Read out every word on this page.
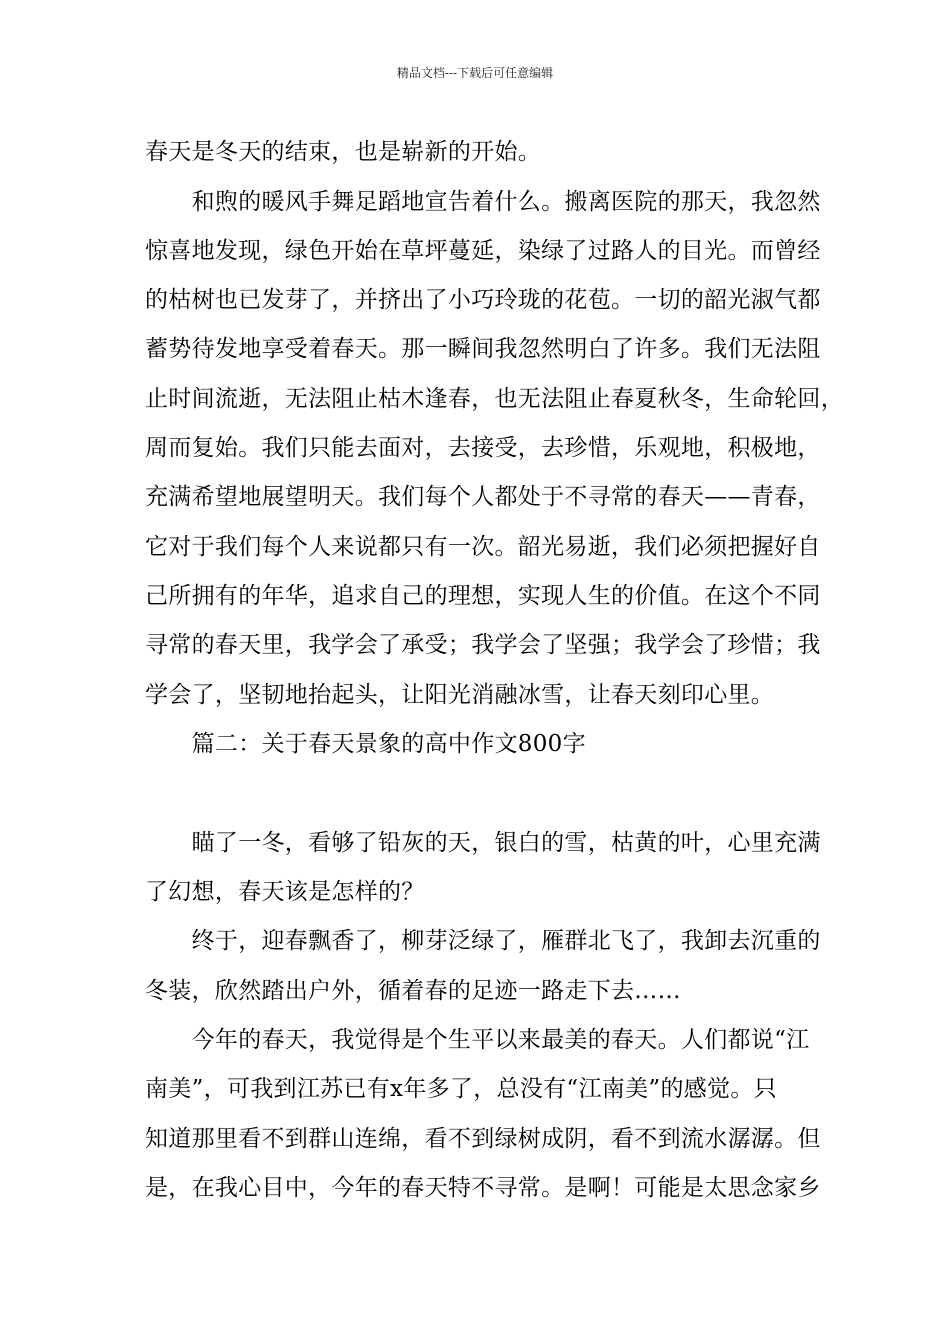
精品文档---下载后可任意编辑
春天是冬天的结束，也是崭新的开始。
　　和煦的暖风手舞足蹈地宣告着什么。搬离医院的那天，我忽然
惊喜地发现，绿色开始在草坪蔓延，染绿了过路人的目光。而曾经
的枯树也已发芽了，并挤出了小巧玲珑的花苞。一切的韶光淑气都
蓄势待发地享受着春天。那一瞬间我忽然明白了许多。我们无法阻
止时间流逝，无法阻止枯木逢春，也无法阻止春夏秋冬，生命轮回，
周而复始。我们只能去面对，去接受，去珍惜，乐观地，积极地，
充满希望地展望明天。我们每个人都处于不寻常的春天——青春，
它对于我们每个人来说都只有一次。韶光易逝，我们必须把握好自
己所拥有的年华，追求自己的理想，实现人生的价值。在这个不同
寻常的春天里，我学会了承受；我学会了坚强；我学会了珍惜；我
学会了，坚韧地抬起头，让阳光消融冰雪，让春天刻印心里。
　　篇二：关于春天景象的高中作文800字
　　瞄了一冬，看够了铅灰的天，银白的雪，枯黄的叶，心里充满
了幻想，春天该是怎样的？
　　终于，迎春飘香了，柳芽泛绿了，雁群北飞了，我卸去沉重的
冬装，欣然踏出户外，循着春的足迹一路走下去……
　　今年的春天，我觉得是个生平以来最美的春天。人们都说“江
南美”，可我到江苏已有x年多了，总没有“江南美”的感觉。只
知道那里看不到群山连绵，看不到绿树成阴，看不到流水潺潺。但
是，在我心目中，今年的春天特不寻常。是啊！可能是太思念家乡
